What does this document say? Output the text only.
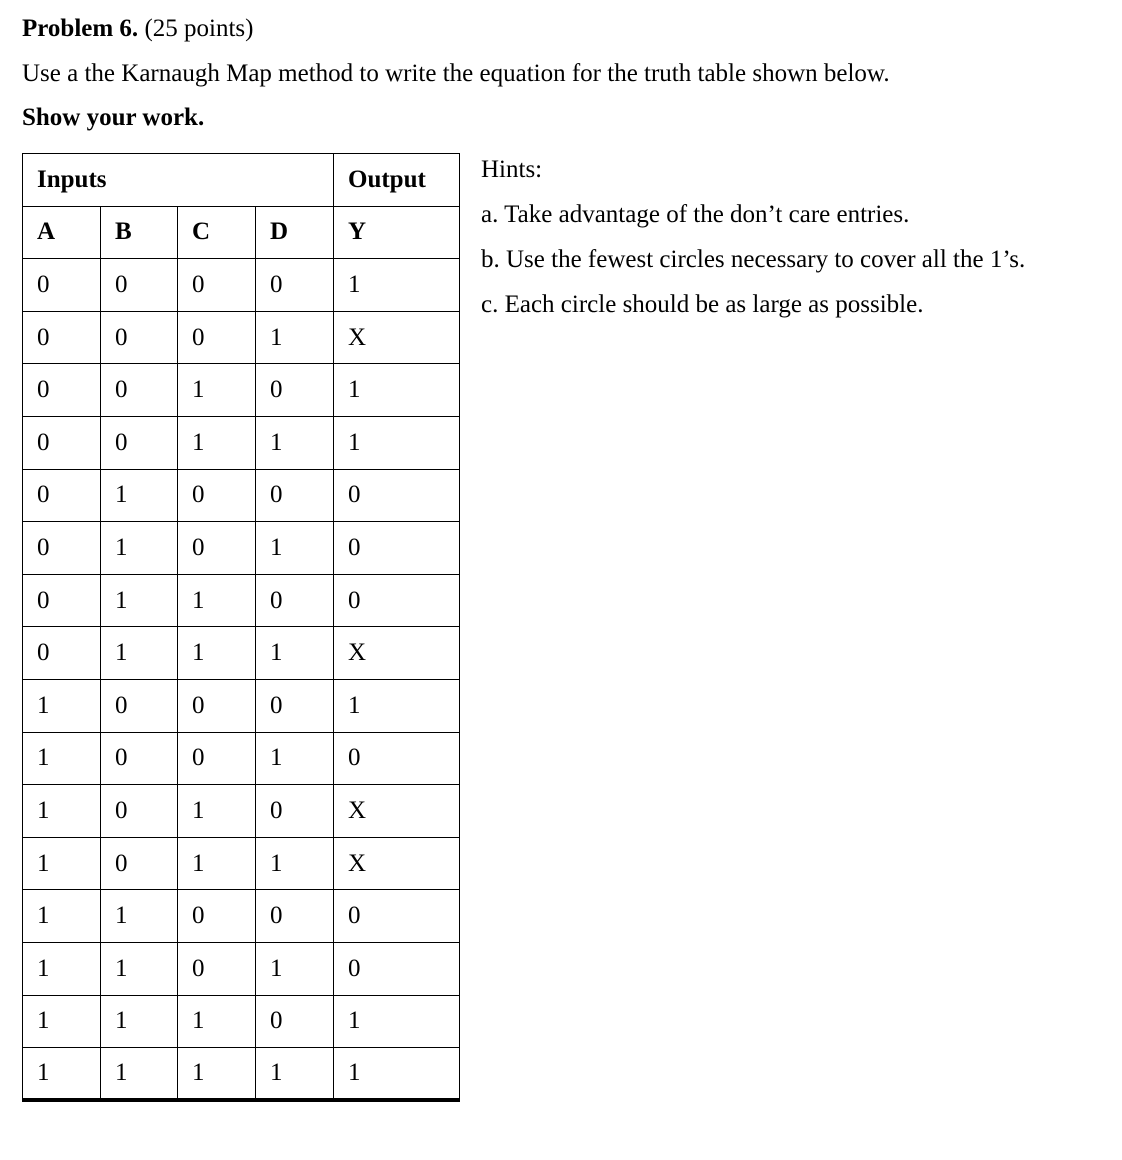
Problem 6. (25 points)
Use a the Karnaugh Map method to write the equation for the truth table shown below.
Show your work.
Inputs				Output
A	B	C	D	Y
0	0	0	0	1
0	0	0	1	X
0	0	1	0	1
0	0	1	1	1
0	1	0	0	0
0	1	0	1	0
0	1	1	0	0
0	1	1	1	X
1	0	0	0	1
1	0	0	1	0
1	0	1	0	X
1	0	1	1	X
1	1	0	0	0
1	1	0	1	0
1	1	1	0	1
1	1	1	1	1
Hints:
a. Take advantage of the don’t care entries.
b. Use the fewest circles necessary to cover all the 1’s.
c. Each circle should be as large as possible.
